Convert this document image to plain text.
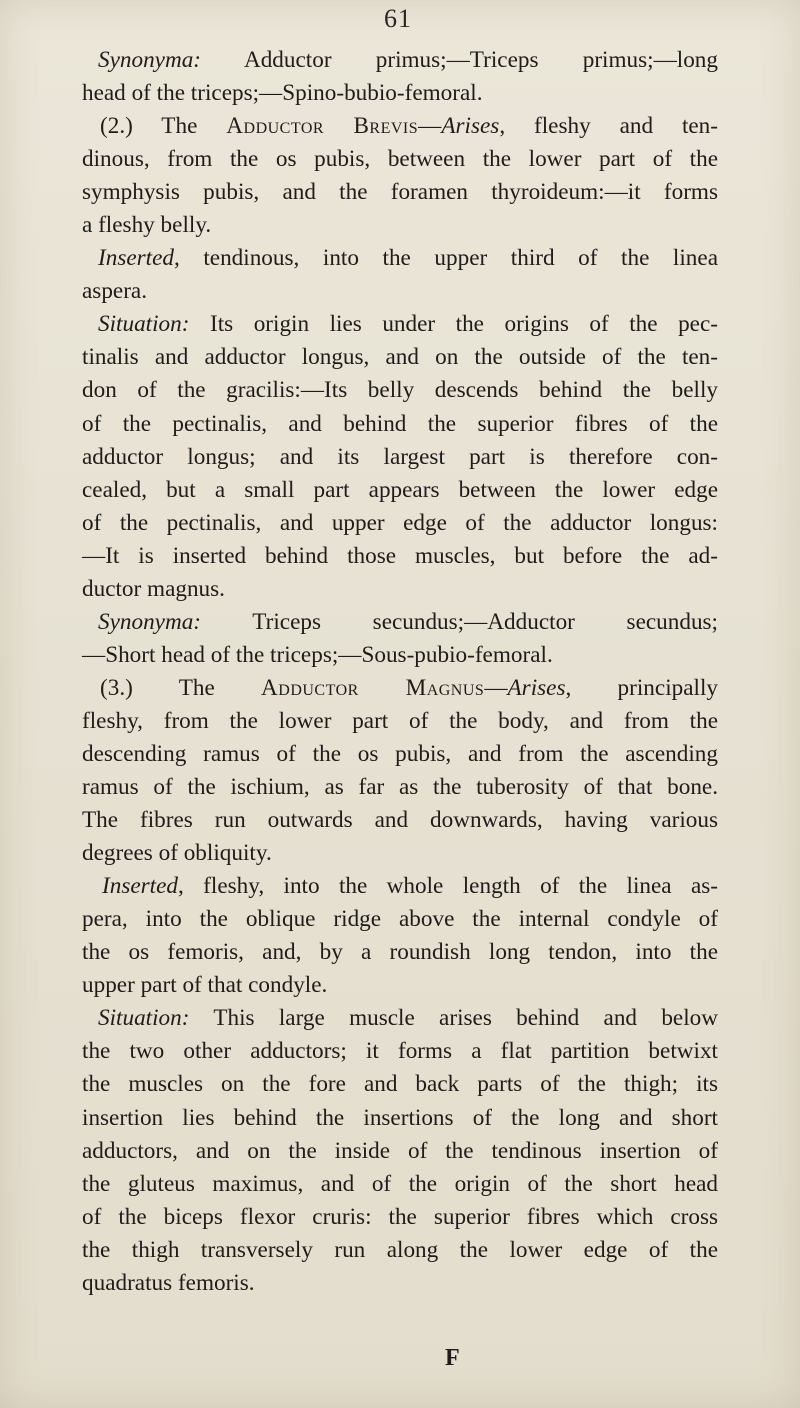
61
Synonyma: Adductor primus;—Triceps primus;—long
head of the triceps;—Spino-bubio-femoral.
(2.) The Adductor Brevis—Arises, fleshy and ten-
dinous, from the os pubis, between the lower part of the
symphysis pubis, and the foramen thyroideum:—it forms
a fleshy belly.
Inserted, tendinous, into the upper third of the linea
aspera.
Situation: Its origin lies under the origins of the pec-
tinalis and adductor longus, and on the outside of the ten-
don of the gracilis:—Its belly descends behind the belly
of the pectinalis, and behind the superior fibres of the
adductor longus; and its largest part is therefore con-
cealed, but a small part appears between the lower edge
of the pectinalis, and upper edge of the adductor longus:
—It is inserted behind those muscles, but before the ad-
ductor magnus.
Synonyma: Triceps secundus;—Adductor secundus;
—Short head of the triceps;—Sous-pubio-femoral.
(3.) The Adductor Magnus—Arises, principally
fleshy, from the lower part of the body, and from the
descending ramus of the os pubis, and from the ascending
ramus of the ischium, as far as the tuberosity of that bone.
The fibres run outwards and downwards, having various
degrees of obliquity.
Inserted, fleshy, into the whole length of the linea as-
pera, into the oblique ridge above the internal condyle of
the os femoris, and, by a roundish long tendon, into the
upper part of that condyle.
Situation: This large muscle arises behind and below
the two other adductors; it forms a flat partition betwixt
the muscles on the fore and back parts of the thigh; its
insertion lies behind the insertions of the long and short
adductors, and on the inside of the tendinous insertion of
the gluteus maximus, and of the origin of the short head
of the biceps flexor cruris: the superior fibres which cross
the thigh transversely run along the lower edge of the
quadratus femoris.
F
